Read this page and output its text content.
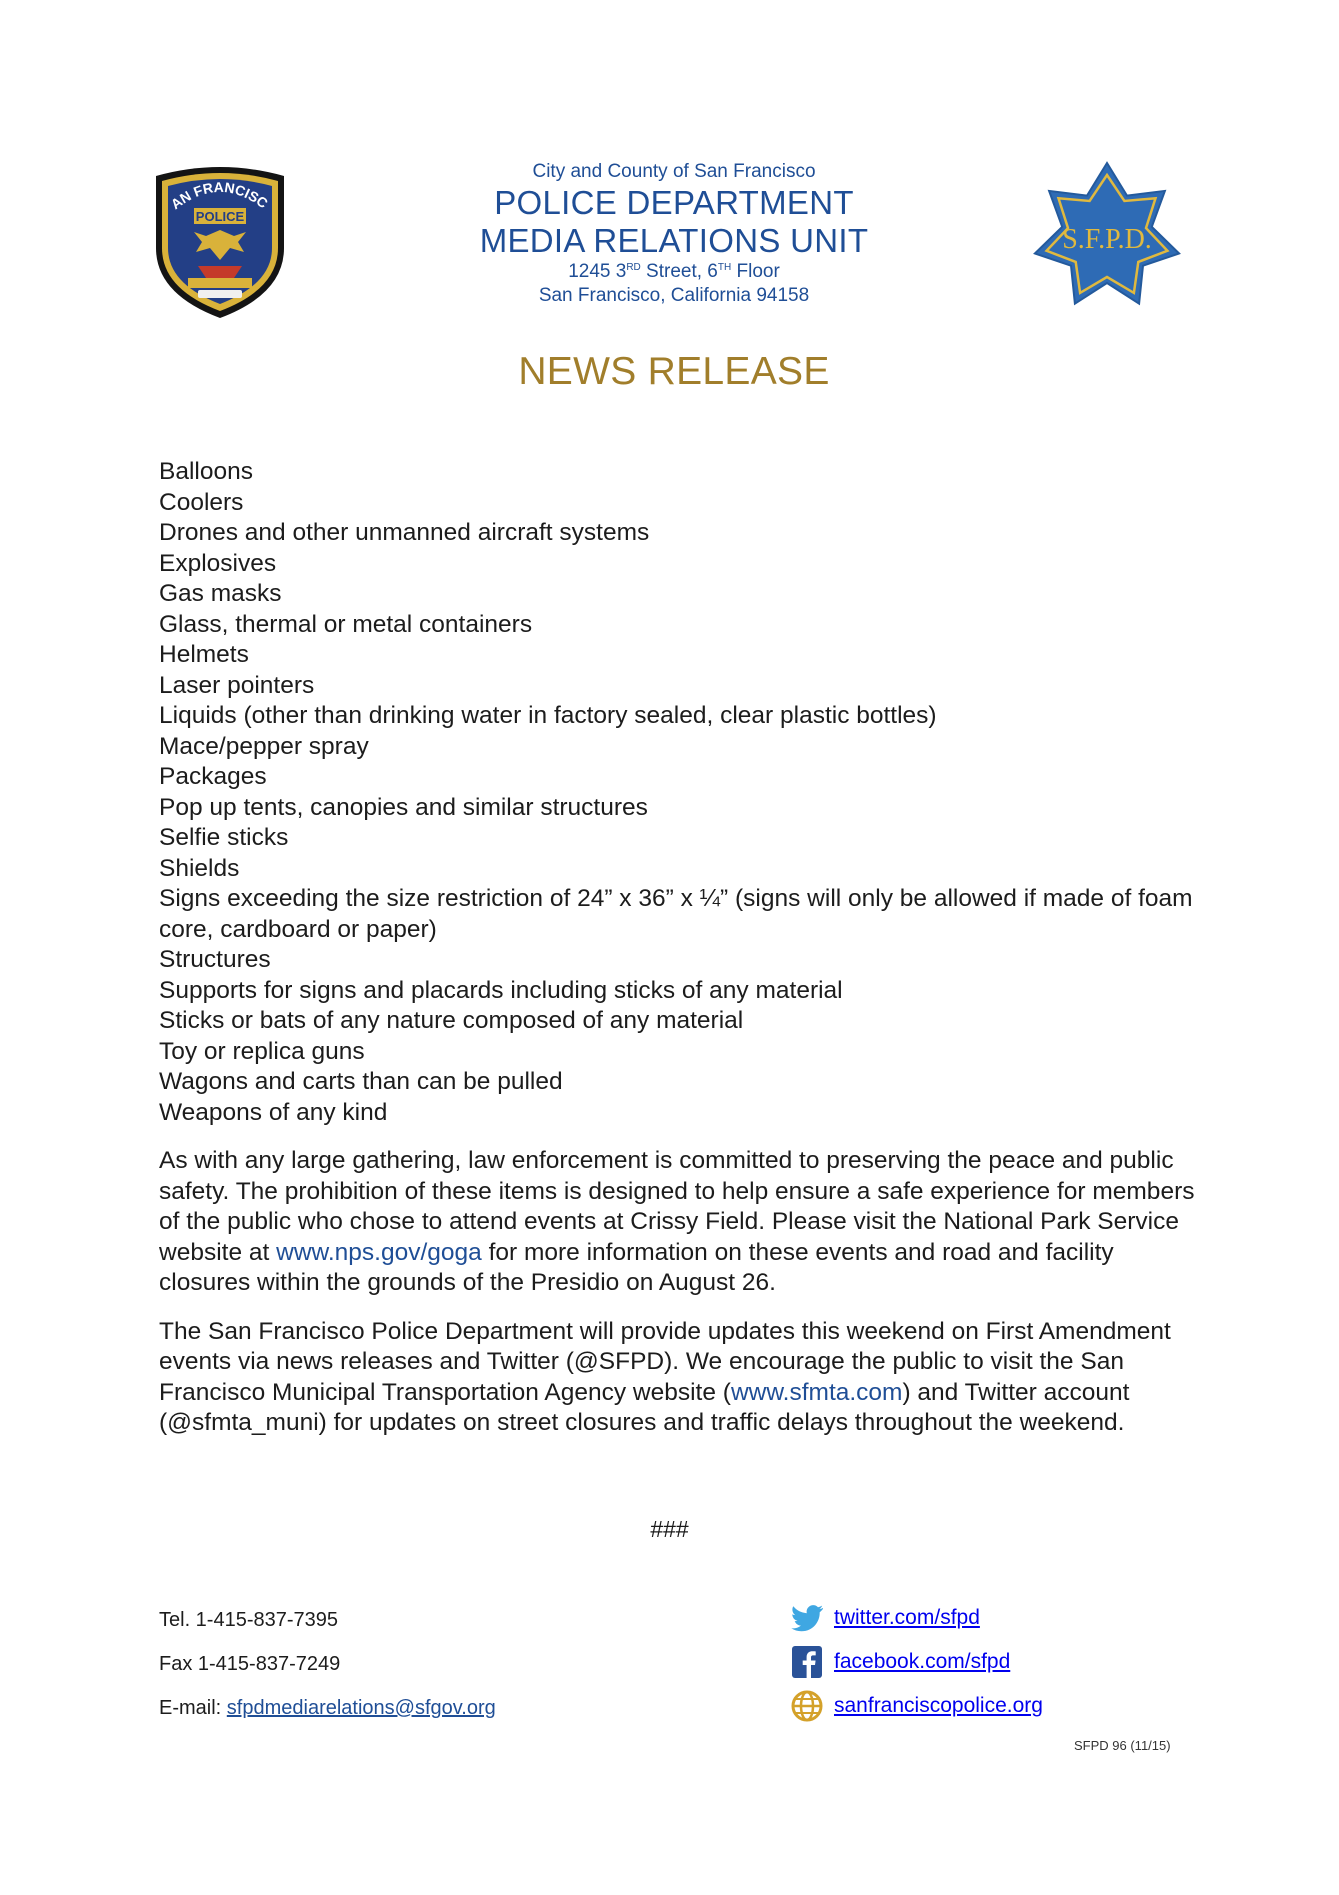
AN FRANCISC
POLICE
City and County of San Francisco
POLICE DEPARTMENT
MEDIA RELATIONS UNIT
1245 3RD Street, 6TH Floor
San Francisco, California 94158
S.F.P.D.
NEWS RELEASE
Balloons
Coolers
Drones and other unmanned aircraft systems
Explosives
Gas masks
Glass, thermal or metal containers
Helmets
Laser pointers
Liquids (other than drinking water in factory sealed, clear plastic bottles)
Mace/pepper spray
Packages
Pop up tents, canopies and similar structures
Selfie sticks
Shields
Signs exceeding the size restriction of 24” x 36” x ¼” (signs will only be allowed if made of foam core, cardboard or paper)
Structures
Supports for signs and placards including sticks of any material
Sticks or bats of any nature composed of any material
Toy or replica guns
Wagons and carts than can be pulled
Weapons of any kind

As with any large gathering, law enforcement is committed to preserving the peace and public safety. The prohibition of these items is designed to help ensure a safe experience for members of the public who chose to attend events at Crissy Field. Please visit the National Park Service website at www.nps.gov/goga for more information on these events and road and facility closures within the grounds of the Presidio on August 26.

The San Francisco Police Department will provide updates this weekend on First Amendment events via news releases and Twitter (@SFPD). We encourage the public to visit the San Francisco Municipal Transportation Agency website (www.sfmta.com) and Twitter account (@sfmta_muni) for updates on street closures and traffic delays throughout the weekend.

###
Tel. 1-415-837-7395
Fax 1-415-837-7249
E-mail: sfpdmediarelations@sfgov.org
twitter.com/sfpd
facebook.com/sfpd
sanfranciscopolice.org
SFPD 96 (11/15)
